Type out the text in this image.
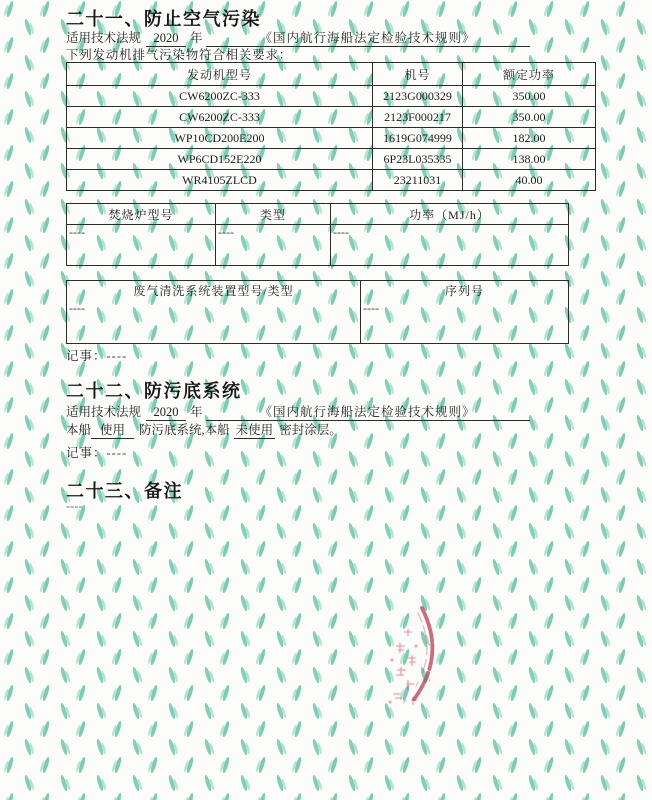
二十一、防止空气污染
适用技术法规	2020 年	《国内航行海船法定检验技术规则》
下列发动机排气污染物符合相关要求：
发动机型号	机号	额定功率
CW6200ZC-333	2123G000329	350.00
CW6200ZC-333	2123F000217	350.00
WP10CD200E200	1619G074999	182.00
WP6CD152E220	6P23L035335	138.00
WR4105ZLCD	23211031	40.00
焚烧炉型号	类型	功率（MJ/h）
----	----	----
废气清洗系统装置型号/类型	序列号
----	----
记事：----
二十二、防污底系统
适用技术法规	2020 年	《国内航行海船法定检验技术规则》
本船 使用	防污底系统,本船 未使用 密封涂层。
记事：----
二十三、备注
----
